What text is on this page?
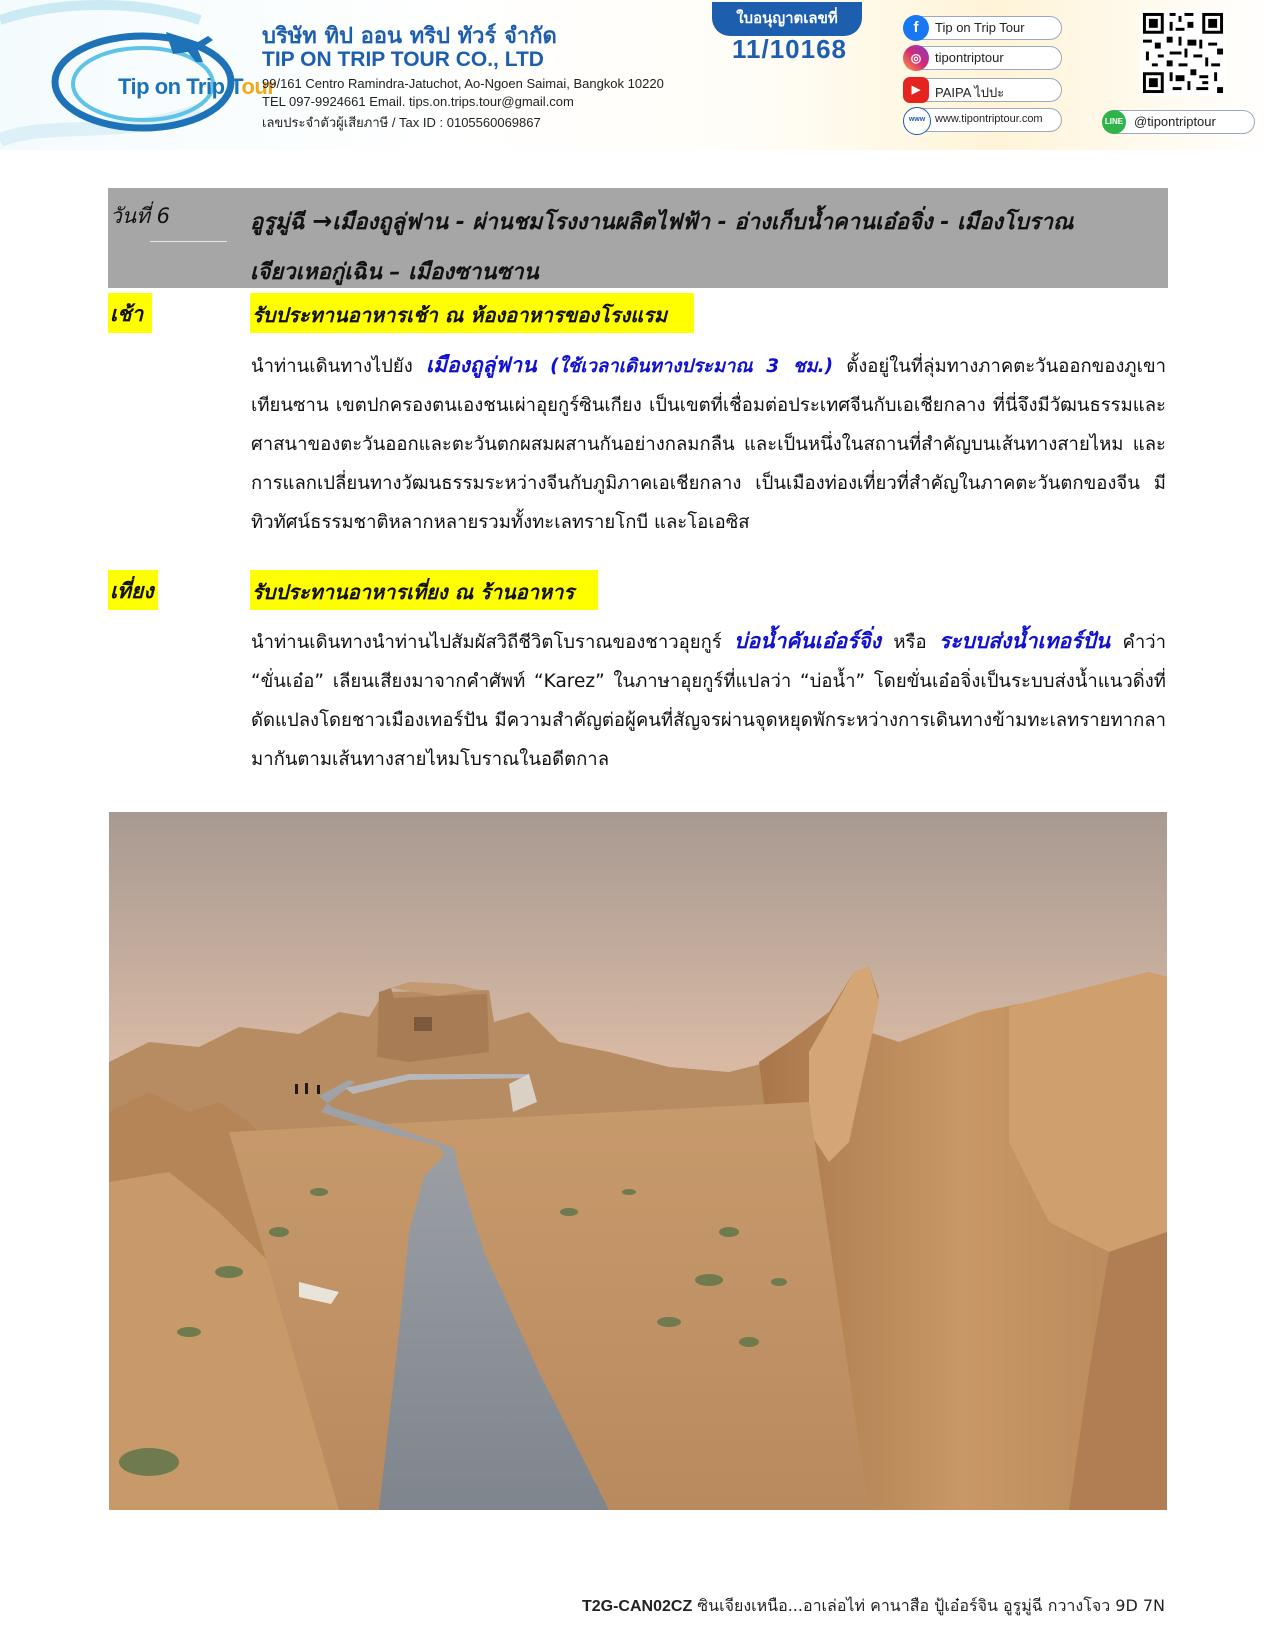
Tip on Trip Tour
บริษัท ทิป ออน ทริป ทัวร์ จำกัด
TIP ON TRIP TOUR CO., LTD
99/161 Centro Ramindra-Jatuchot, Ao-Ngoen Saimai, Bangkok 10220
TEL 097-9924661 Email. tips.on.trips.tour@gmail.com
เลขประจำตัวผู้เสียภาษี / Tax ID : 0105560069867
ใบอนุญาตเลขที่
11/10168
f	Tip on Trip Tour
◎	tipontriptour
▶	PAIPA ไปปะ
www www.tipontriptour.com	LINE @tipontriptour
วันที่ 6	อูรูมู่ฉี →เมืองถูลู่ฟาน - ผ่านชมโรงงานผลิตไฟฟ้า - อ่างเก็บน้ำคานเอ๋อจิ่ง - เมืองโบราณ
เจียวเหอกู่เฉิน – เมืองซานซาน
เช้า	รับประทานอาหารเช้า ณ ห้องอาหารของโรงแรม
นำท่านเดินทางไปยัง เมืองถูลู่ฟาน (ใช้เวลาเดินทางประมาณ 3 ชม.) ตั้งอยู่ในที่ลุ่มทางภาคตะวันออกของภูเขาเทียนซาน เขตปกครองตนเองชนเผ่าอุยกูร์ซินเกียง เป็นเขตที่เชื่อมต่อประเทศจีนกับเอเชียกลาง ที่นี่จึงมีวัฒนธรรมและศาสนาของตะวันออกและตะวันตกผสมผสานกันอย่างกลมกลืน และเป็นหนึ่งในสถานที่สำคัญบนเส้นทางสายไหม และการแลกเปลี่ยนทางวัฒนธรรมระหว่างจีนกับภูมิภาคเอเชียกลาง เป็นเมืองท่องเที่ยวที่สำคัญในภาคตะวันตกของจีน มีทิวทัศน์ธรรมชาติหลากหลายรวมทั้งทะเลทรายโกบี และโอเอซิส
เที่ยง	รับประทานอาหารเที่ยง ณ ร้านอาหาร
นำท่านเดินทางนำท่านไปสัมผัสวิถีชีวิตโบราณของชาวอุยกูร์ บ่อน้ำคันเอ๋อร์จิ่ง หรือ ระบบส่งน้ำเทอร์ปัน คำว่า “ขั่นเอ๋อ” เลียนเสียงมาจากคำศัพท์ “Karez” ในภาษาอุยกูร์ที่แปลว่า “บ่อน้ำ” โดยขั่นเอ๋อจิ่งเป็นระบบส่งน้ำแนวดิ่งที่ดัดแปลงโดยชาวเมืองเทอร์ปัน มีความสำคัญต่อผู้คนที่สัญจรผ่านจุดหยุดพักระหว่างการเดินทางข้ามทะเลทรายทากลามากันตามเส้นทางสายไหมโบราณในอดีตกาล
T2G-CAN02CZ ซินเจียงเหนือ...อาเล่อไท่ คานาสือ ปู้เอ๋อร์จิน อูรูมู่ฉี กวางโจว 9D 7N
